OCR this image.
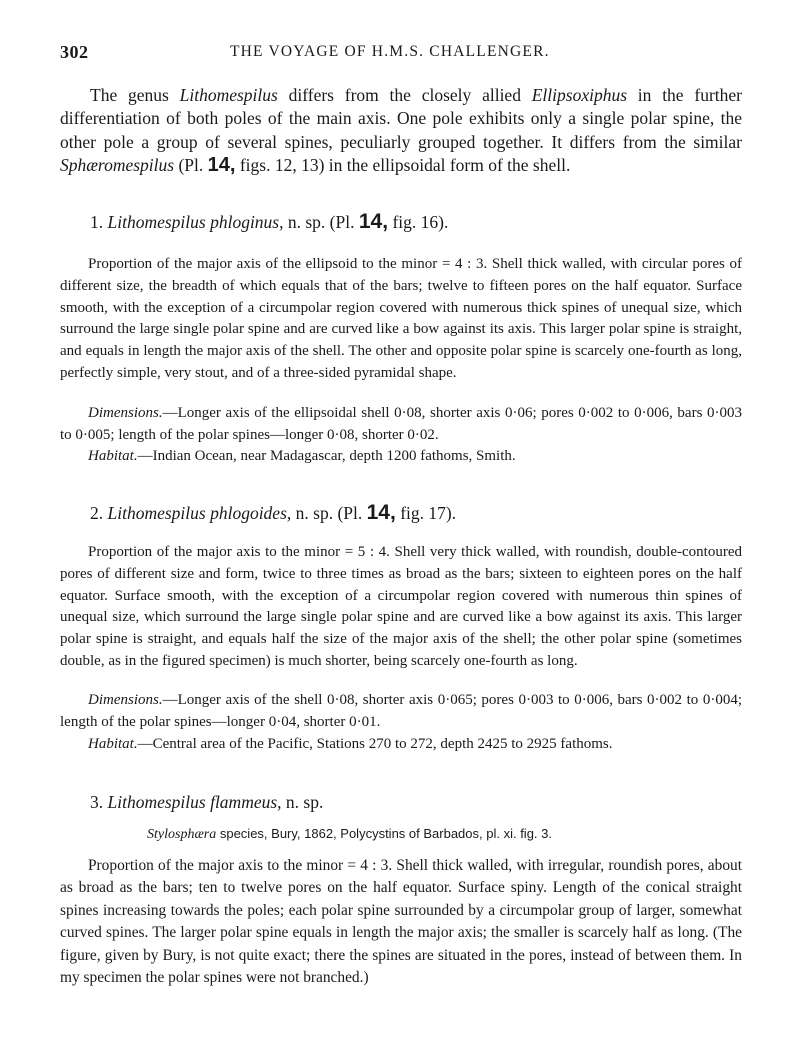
302	THE VOYAGE OF H.M.S. CHALLENGER.

The genus Lithomespilus differs from the closely allied Ellipsoxiphus in the further differentiation of both poles of the main axis. One pole exhibits only a single polar spine, the other pole a group of several spines, peculiarly grouped together. It differs from the similar Sphæromespilus (Pl. 14, figs. 12, 13) in the ellipsoidal form of the shell.

1. Lithomespilus phloginus, n. sp. (Pl. 14, fig. 16).

Proportion of the major axis of the ellipsoid to the minor = 4 : 3. Shell thick walled, with circular pores of different size, the breadth of which equals that of the bars; twelve to fifteen pores on the half equator. Surface smooth, with the exception of a circumpolar region covered with numerous thick spines of unequal size, which surround the large single polar spine and are curved like a bow against its axis. This larger polar spine is straight, and equals in length the major axis of the shell. The other and opposite polar spine is scarcely one-fourth as long, perfectly simple, very stout, and of a three-sided pyramidal shape.

Dimensions.—Longer axis of the ellipsoidal shell 0·08, shorter axis 0·06; pores 0·002 to 0·006, bars 0·003 to 0·005; length of the polar spines—longer 0·08, shorter 0·02.

Habitat.—Indian Ocean, near Madagascar, depth 1200 fathoms, Smith.

2. Lithomespilus phlogoides, n. sp. (Pl. 14, fig. 17).

Proportion of the major axis to the minor = 5 : 4. Shell very thick walled, with roundish, double-contoured pores of different size and form, twice to three times as broad as the bars; sixteen to eighteen pores on the half equator. Surface smooth, with the exception of a circumpolar region covered with numerous thin spines of unequal size, which surround the large single polar spine and are curved like a bow against its axis. This larger polar spine is straight, and equals half the size of the major axis of the shell; the other polar spine (sometimes double, as in the figured specimen) is much shorter, being scarcely one-fourth as long.

Dimensions.—Longer axis of the shell 0·08, shorter axis 0·065; pores 0·003 to 0·006, bars 0·002 to 0·004; length of the polar spines—longer 0·04, shorter 0·01.

Habitat.—Central area of the Pacific, Stations 270 to 272, depth 2425 to 2925 fathoms.

3. Lithomespilus flammeus, n. sp.
Stylosphæra species, Bury, 1862, Polycystins of Barbados, pl. xi. fig. 3.

Proportion of the major axis to the minor = 4 : 3. Shell thick walled, with irregular, roundish pores, about as broad as the bars; ten to twelve pores on the half equator. Surface spiny. Length of the conical straight spines increasing towards the poles; each polar spine surrounded by a circumpolar group of larger, somewhat curved spines. The larger polar spine equals in length the major axis; the smaller is scarcely half as long. (The figure, given by Bury, is not quite exact; there the spines are situated in the pores, instead of between them. In my specimen the polar spines were not branched.)
